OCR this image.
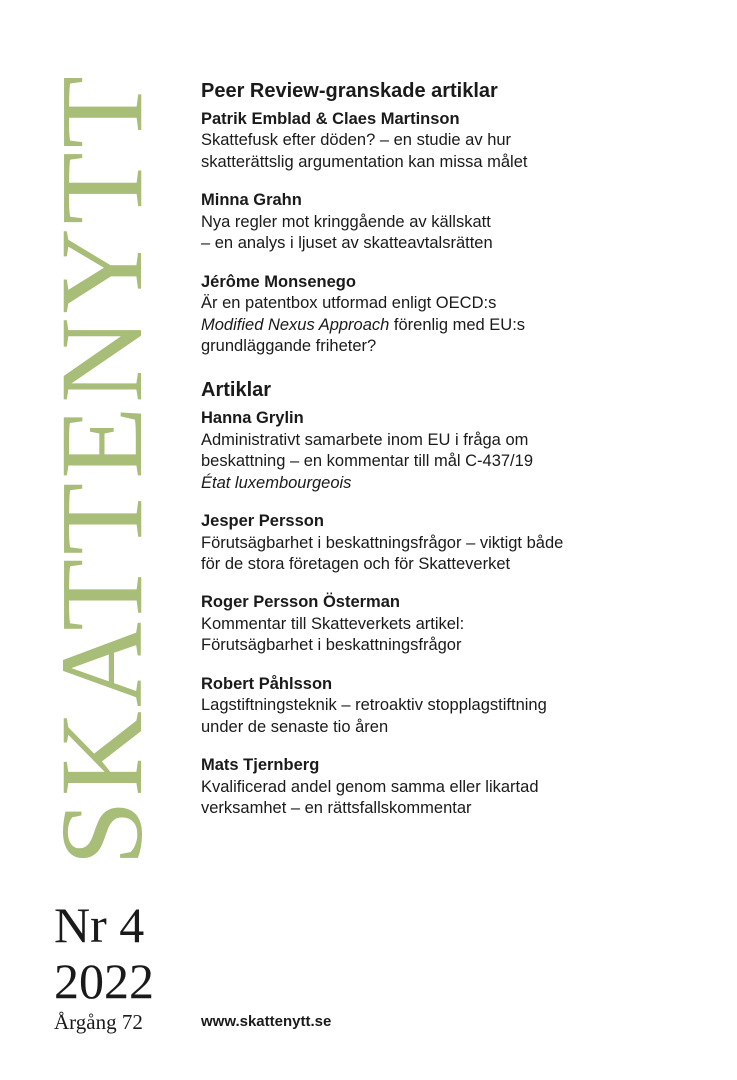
SKATTENYTT
Nr 4
2022
Årgång 72
Peer Review-granskade artiklar
Patrik Emblad & Claes Martinson
Skattefusk efter döden? – en studie av hur
skatterättslig argumentation kan missa målet
Minna Grahn
Nya regler mot kringgående av källskatt
– en analys i ljuset av skatteavtalsrätten
Jérôme Monsenego
Är en patentbox utformad enligt OECD:s
Modified Nexus Approach förenlig med EU:s
grundläggande friheter?
Artiklar
Hanna Grylin
Administrativt samarbete inom EU i fråga om
beskattning – en kommentar till mål C-437/19
État luxembourgeois
Jesper Persson
Förutsägbarhet i beskattningsfrågor – viktigt både
för de stora företagen och för Skatteverket
Roger Persson Österman
Kommentar till Skatteverkets artikel:
Förutsägbarhet i beskattningsfrågor
Robert Påhlsson
Lagstiftningsteknik – retroaktiv stopplagstiftning
under de senaste tio åren
Mats Tjernberg
Kvalificerad andel genom samma eller likartad
verksamhet – en rättsfallskommentar
www.skattenytt.se
